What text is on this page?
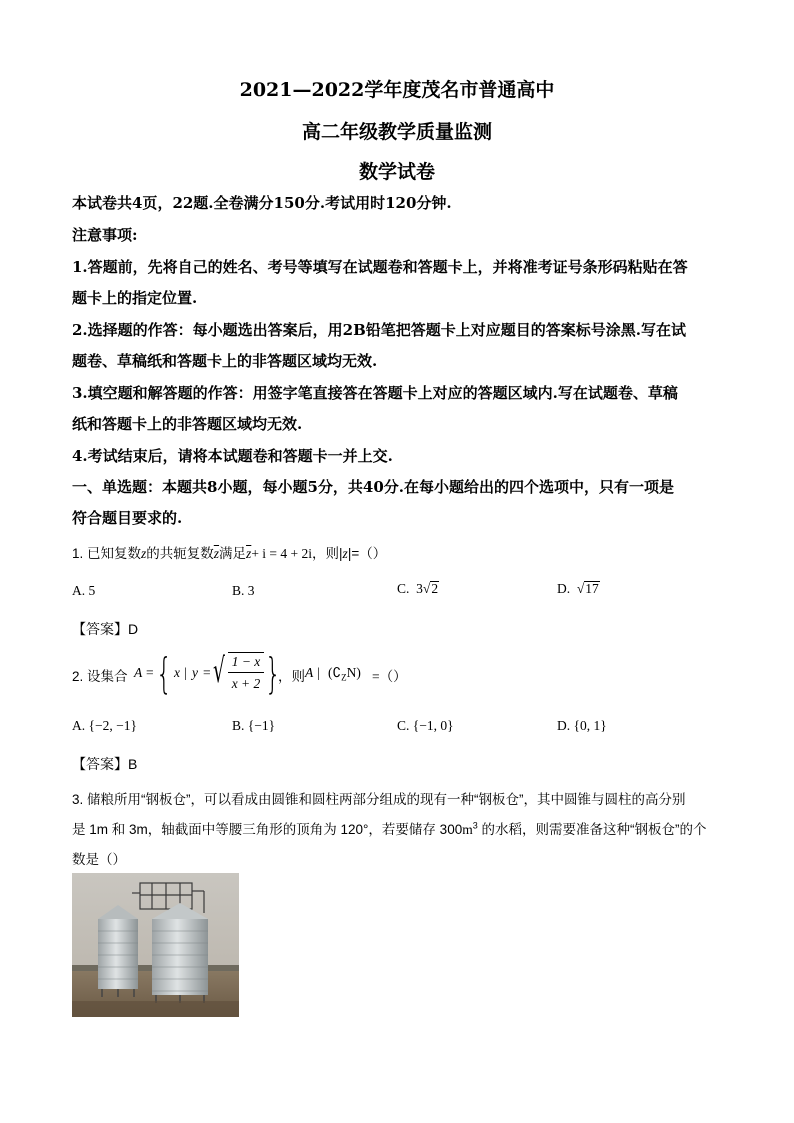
2021—2022学年度茂名市普通高中
高二年级教学质量监测
数学试卷
本试卷共4页，22题.全卷满分150分.考试用时120分钟.
注意事项:
1.答题前，先将自己的姓名、考号等填写在试题卷和答题卡上，并将准考证号条形码粘贴在答
题卡上的指定位置.
2.选择题的作答：每小题选出答案后，用2B铅笔把答题卡上对应题目的答案标号涂黑.写在试
题卷、草稿纸和答题卡上的非答题区域均无效.
3.填空题和解答题的作答：用签字笔直接答在答题卡上对应的答题区域内.写在试题卷、草稿
纸和答题卡上的非答题区域均无效.
4.考试结束后，请将本试题卷和答题卡一并上交.
一、单选题：本题共8小题，每小题5分，共40分.在每小题给出的四个选项中，只有一项是
符合题目要求的.
1. 已知复数z的共轭复数$\overline{z}$满足$\overline{z}+ i = 4 + 2i$，则|z|=（）
A. 5	B. 3	C. 3√2	D. √17
【答案】D
2. 设集合 A = { x | y = √ 1 − x
x + 2 }
，则 A | $(∁_ZN)$ =（）
A. {−2, −1}	B. {−1}	C. {−1, 0}	D. {0, 1}
【答案】B
3. 储粮所用“钢板仓”，可以看成由圆锥和圆柱两部分组成的现有一种“钢板仓”，其中圆锥与圆柱的高分别
是 1m 和 3m，轴截面中等腰三角形的顶角为 120°，若要储存 $300m^3$ 的水稻，则需要准备这种“钢板仓”的个
数是（）
